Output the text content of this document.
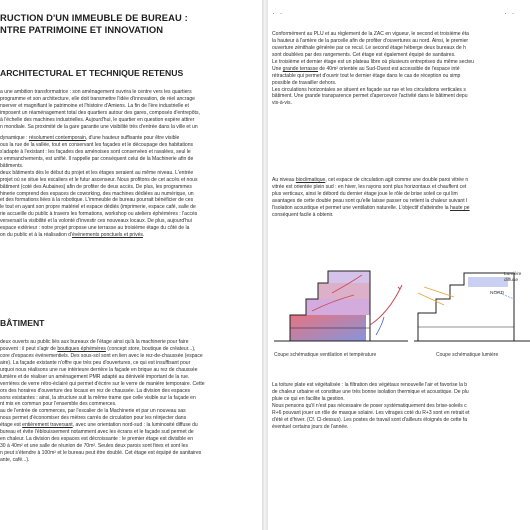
RUCTION D'UN IMMEUBLE DE BUREAU :
NTRE PATRIMOINE ET INNOVATION
ARCHITECTURAL ET TECHNIQUE RETENUS
a une ambition transformatrice : son aménagement ouvrira le centre vers les quartiers
programme et son architecture, elle doit transmettre l'idée d'innovation, de réel ancrage
nserver et magnifiant le patrimoine et l'histoire d'Amiens. La fin de l'ère industrielle et
imposent un réaménagement total des quartiers autour des gares, composés d'entrepôts,
à l'échelle des machines industrielles. Aujourd'hui, le quartier en question espère attirer
n mondiale. Sa proximité de la gare garantie une visibilité très d'entrée dans la ville et un
dynamique : résolument contemporain, d'une hauteur suffisante pour être visible
ous la rue de la vallée, tout en conservant les façades et le découpage des habitations
s'adapte à l'existant : les façades des aménoises sont conservées et ravalées, seul le
x emmanchements, est unifié. Il rappelle par conséquent celui de la Machinerie afin de
bâtiments.
deux bâtiments dès le début du projet et les étages seraient au même niveau. L'entrée
projet où se situe les escaliers et le futur ascenseur. Nous profitons de cet accès et nous
bâtiment (coté des Aubaines) afin de profiter de deux accès. De plus, les programmes
hinerie comprend des espaces de coworking, des machines dédiées au numérique, un
et des formations liées à la robotique. L'immeuble de bureau pourrait bénéficier de ces
le tout en ayant son propre matériel et espace dédiés (imprimerie, espace café, salle de
rie accueille du public à travers les formations, workshop ou ateliers éphémères : l'accès
versersait la visibilité et la volonté d'investir ces nouveaux locaux. De plus, aujourd'hui
espace extérieur : notre projet propose une terrasse au troisième étage du côté de la
on du public et à la réalisation d'événements ponctuels et privés.
BÂTIMENT
deux ouverts au public liés aux bureaux de l'étage ainsi qu'à la machinerie pour faire
pouvent : il peut s'agir de boutiques éphémères (concept store, boutique de créateur...),
core d'espaces événementiels. Des sous-sol sont en lien avec le rez-de-chaussée (espace
aire). La façade existante n'offre que très peu d'ouvertures, ce qui est insuffisant pour
urquoi nous réalisons une rue intérieure derrière la façade en brique au rez de chaussée
lumière et de réaliser un aménagement PMR adapté au dénivelé important de la rue.
verrières de verre rétro-éclairé qui permet d'écrire sur le verre de manière temporaire. Cette
ors des horaires d'ouverture des locaux en rez de chaussée. La division des espaces
sons existantes : ainsi, la structure suit la même trame que celle visible sur la façade en
nt mis en commun pour l'ensemble des commerces.
au de l'entrée de commerces, par l'escalier de la Machinerie et par un nouveau sas
nous permet d'économiser des mètres carrés de circulation pour les réinjecter dans
étage est entièrement traversant, avec une orientation nord-sud : la luminosité diffuse du
bureau et évite l'éblouissement notamment avec les écrans et le façade sud permet de
en chaleur. La division des espaces est décroissante : le premier étage est divisible en
30 à 40m² et une salle de réunion de 70m². Seules deux parois sont fixes et sont les
n peut s'étendre à 100m² et le bureau peut être doublé. Cet étage est équipé de sanitaires
ante, café...).
· ·	· ·
Conformément au PLU et au règlement de la ZAC en vigueur, le second et troisième éta
la hauteur à l'arrière de la parcelle afin de profiter d'ouvertures au nord. Ainsi, le premier
ouverture zénithale générée par ce recul. Le second étage héberge deux bureaux de h
sont doublées par des rangements. Cet étage est également équipé de sanitaires.
Le troisième et dernier étage est un plateau libre où plusieurs entreprises du même secteu
Une grande terrasse de 40m² orientée au Sud-Ouest est accessible de l'espace inté
rétractable qui permet d'ouvrir tout le dernier étage dans le cas de réception ou simp
possible de travailler dehors.
Les circulations horizontales se situent en façade sur rue et les circulations verticales s
bâtiment. Une grande transparence permet d'apercevoir l'activité dans le bâtiment depu
vis-à-vis.
Au niveau bioclimatique, cet espace de circulation agit comme une double paroi vitrée n
vitrée est orientée plein sud : en hiver, les rayons sont plus horizontaux et chauffent cet
plus verticaux, ainsi le débord du dernier étage joue le rôle de brise soleil ce qui lim
avantages de cette double peau sont qu'elle laisse passer ou retient la chaleur suivant l
l'isolation acoustique et permet une ventilation naturelle. L'objectif d'atteindre la haute pe
conséquent facile à obtenir.
Coupe schématique ventilation et température
Lumière
diffuse
NORD
Coupe schématique lumière
La toiture plate est végétalisée : la filtration des végétaux renouvelle l'air et favorise la b
de chaleur urbaine et constitue une très bonne isolation thermique et acoustique. De plu
pluie ce qui en facilite la gestion.
Nous pensons qu'il n'est pas nécessaire de poser systématiquement des brise-soleils c
R+6 pouvant jouer un rôle de masque solaire. Les vitrages coté du R+3 sont en retrait et
d'été et d'hiver. (Cf. Cl-dessus). Les postes de travail sont d'ailleurs éloignés de cette fa
éventuel certains jours de l'année.
